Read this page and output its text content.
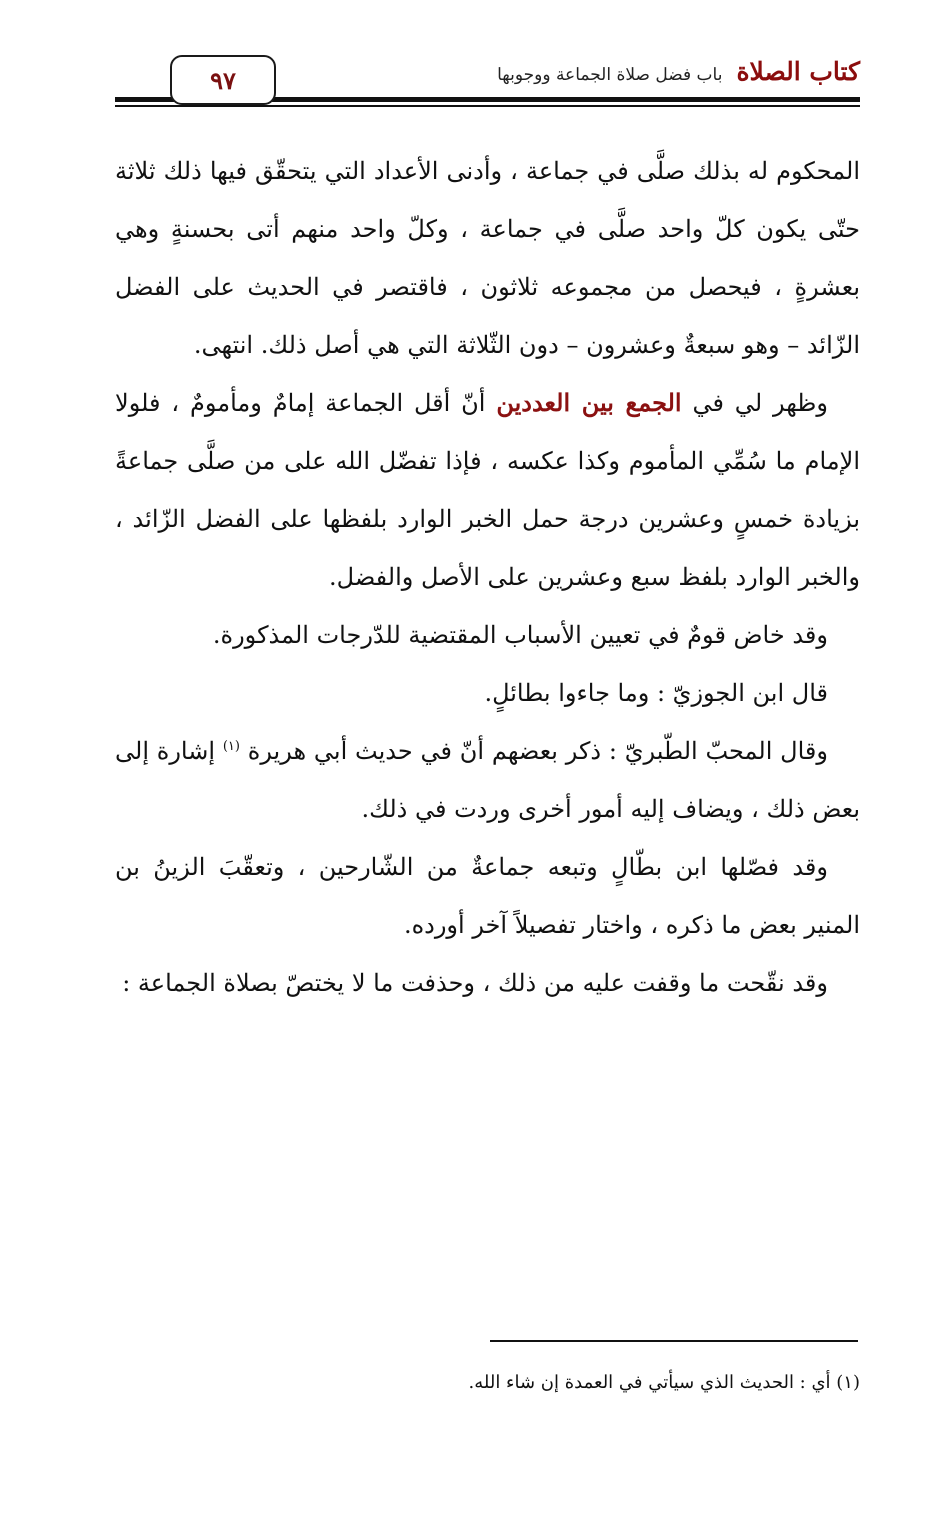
٩٧	كتاب الصلاة
باب فضل صلاة الجماعة ووجوبها

المحكوم له بذلك صلَّى في جماعة ، وأدنى الأعداد التي يتحقّق فيها ذلك ثلاثة حتّى يكون كلّ واحد صلَّى في جماعة ، وكلّ واحد منهم أتى بحسنةٍ وهي بعشرةٍ ، فيحصل من مجموعه ثلاثون ، فاقتصر في الحديث على الفضل الزّائد – وهو سبعةٌ وعشرون – دون الثّلاثة التي هي أصل ذلك. انتهى.

وظهر لي في الجمع بين العددين أنّ أقل الجماعة إمامٌ ومأمومٌ ، فلولا الإمام ما سُمِّي المأموم وكذا عكسه ، فإذا تفضّل الله على من صلَّى جماعةً بزيادة خمسٍ وعشرين درجة حمل الخبر الوارد بلفظها على الفضل الزّائد ، والخبر الوارد بلفظ سبع وعشرين على الأصل والفضل.

وقد خاض قومٌ في تعيين الأسباب المقتضية للدّرجات المذكورة.

قال ابن الجوزيّ : وما جاءوا بطائلٍ.

وقال المحبّ الطّبريّ : ذكر بعضهم أنّ في حديث أبي هريرة $^{(١)}$ إشارة إلى بعض ذلك ، ويضاف إليه أمور أخرى وردت في ذلك.

وقد فصّلها ابن بطّالٍ وتبعه جماعةٌ من الشّارحين ، وتعقّبَ الزينُ بن المنير بعض ما ذكره ، واختار تفصيلاً آخر أورده.

وقد نقّحت ما وقفت عليه من ذلك ، وحذفت ما لا يختصّ بصلاة الجماعة :

(١) أي : الحديث الذي سيأتي في العمدة إن شاء الله.
